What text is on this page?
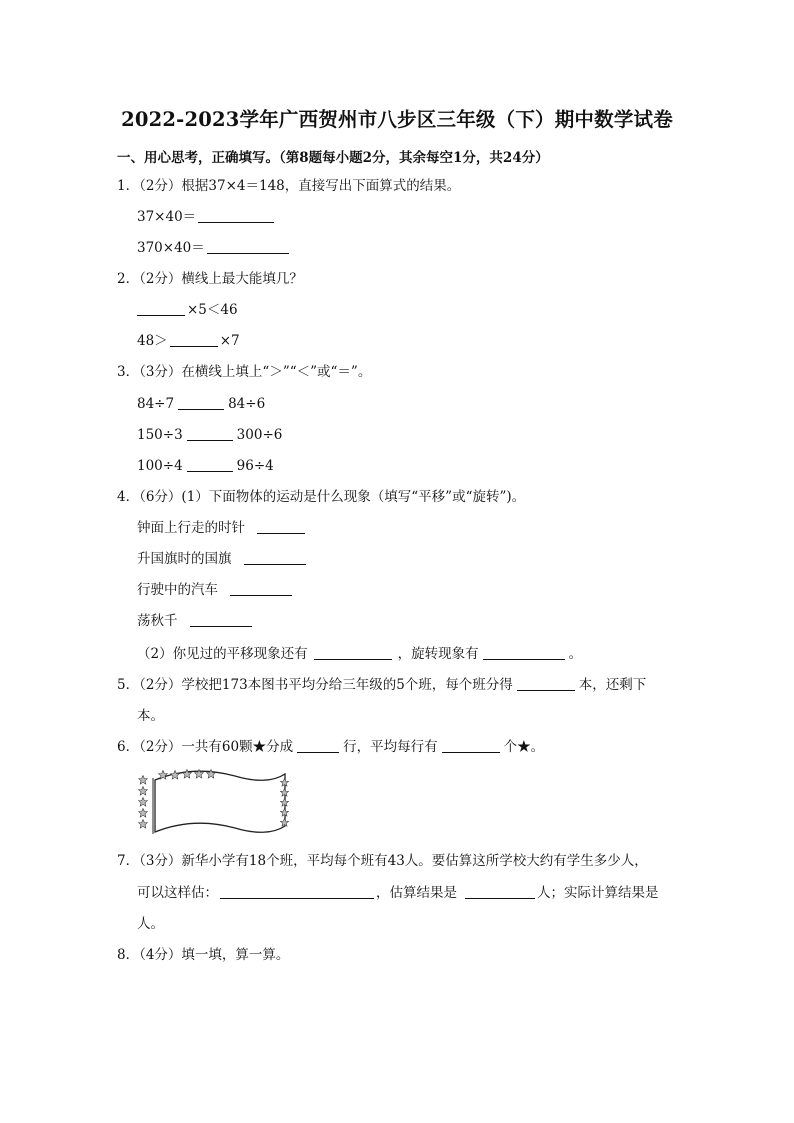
2022-2023学年广西贺州市八步区三年级（下）期中数学试卷
一、用心思考，正确填写。（第8题每小题2分，其余每空1分，共24分）
1．（2分）根据37×4＝148，直接写出下面算式的结果。
37×40＝
370×40＝
2．（2分）横线上最大能填几？
×5＜46
48＞	×7
3．（3分）在横线上填上“＞”“＜”或“＝”。
84÷7	84÷6
150÷3	300÷6
100÷4	96÷4
4．（6分）(1）下面物体的运动是什么现象（填写“平移”或“旋转”)。
钟面上行走的时针
升国旗时的国旗
行驶中的汽车
荡秋千
（2）你见过的平移现象还有	，旋转现象有	。
5．（2分）学校把173本图书平均分给三年级的5个班，每个班分得	本，还剩下
本。
6．（2分）一共有60颗★分成	行，平均每行有	个★。
7．（3分）新华小学有18个班，平均每个班有43人。要估算这所学校大约有学生多少人，
可以这样估：	，估算结果是	人；实际计算结果是
人。
8．（4分）填一填，算一算。
